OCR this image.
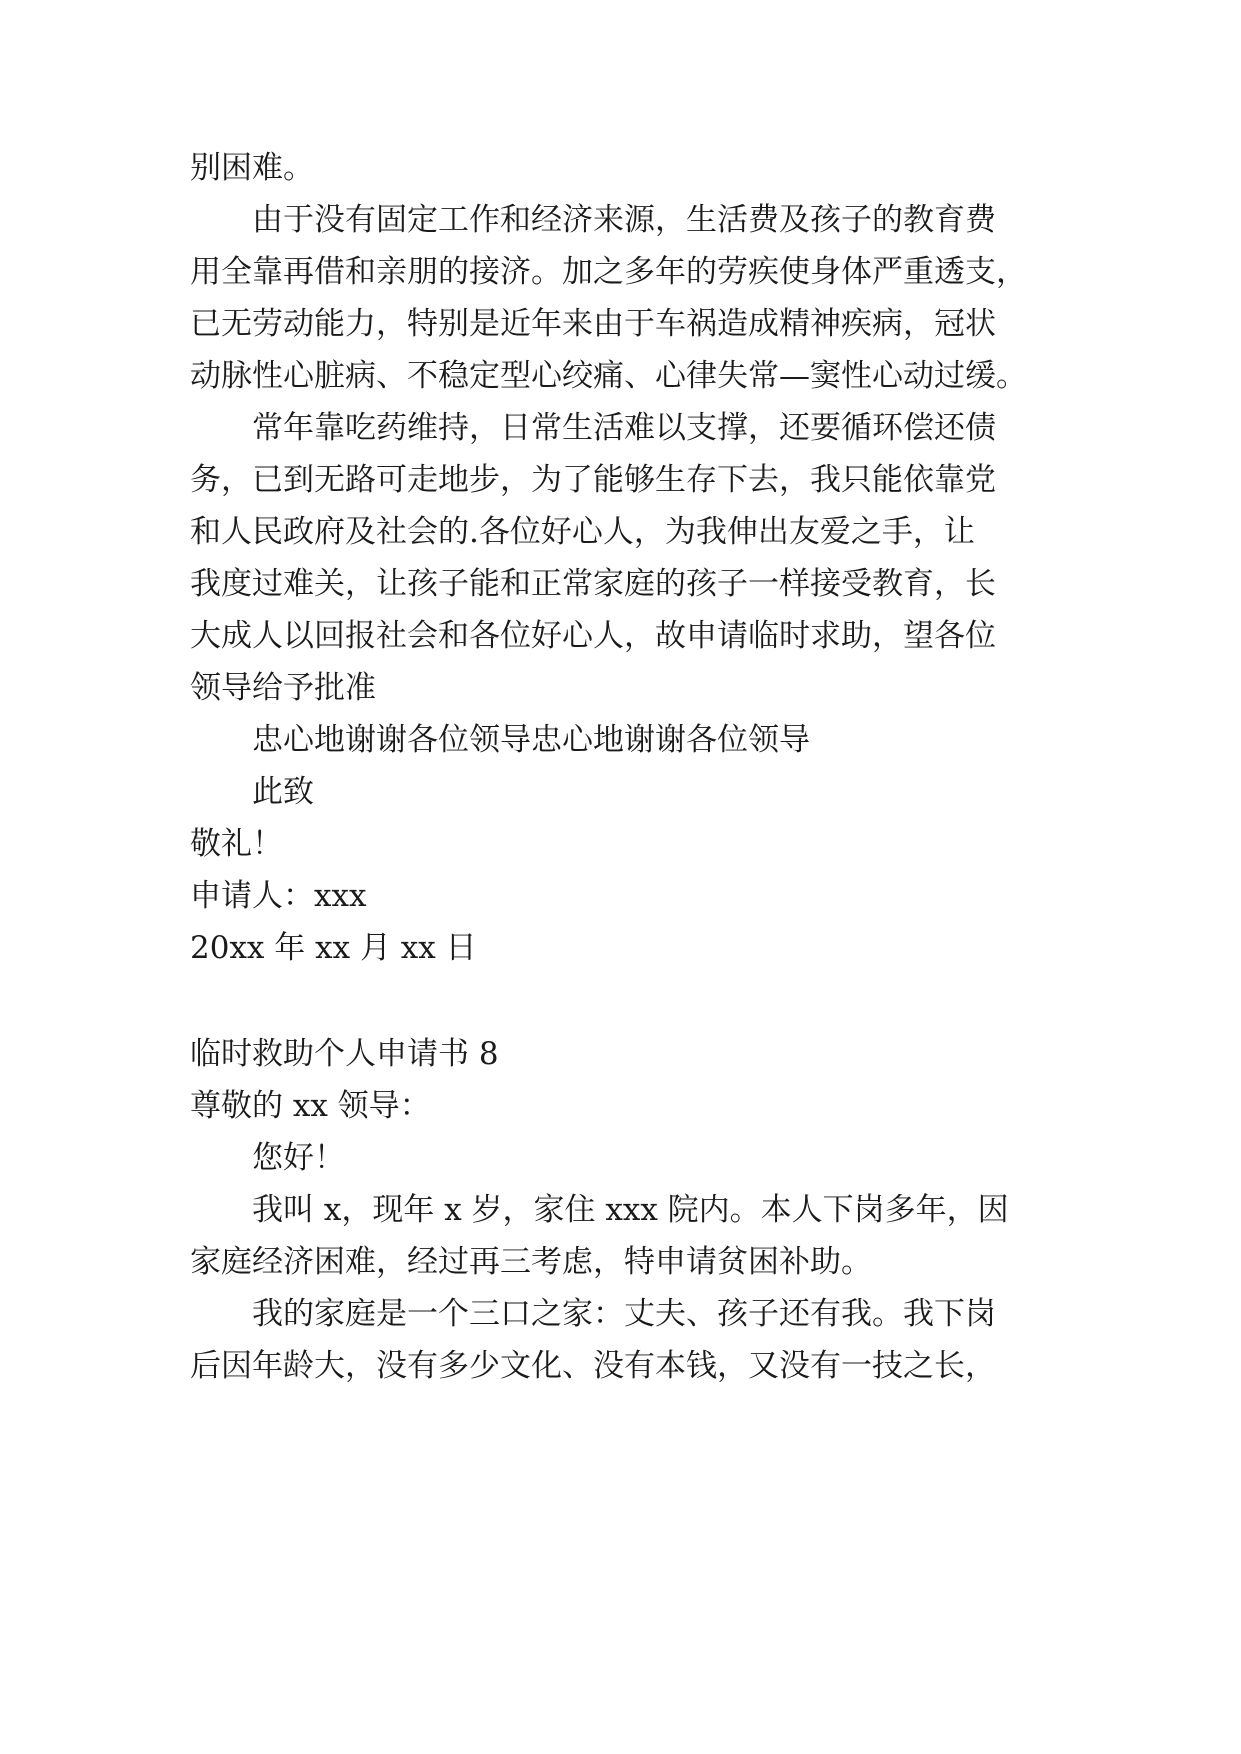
别困难。
由于没有固定工作和经济来源，生活费及孩子的教育费
用全靠再借和亲朋的接济。加之多年的劳疾使身体严重透支，
已无劳动能力，特别是近年来由于车祸造成精神疾病，冠状
动脉性心脏病、不稳定型心绞痛、心律失常—窦性心动过缓。
常年靠吃药维持，日常生活难以支撑，还要循环偿还债
务，已到无路可走地步，为了能够生存下去，我只能依靠党
和人民政府及社会的.各位好心人，为我伸出友爱之手，让
我度过难关，让孩子能和正常家庭的孩子一样接受教育，长
大成人以回报社会和各位好心人，故申请临时求助，望各位
领导给予批准
忠心地谢谢各位领导忠心地谢谢各位领导
此致
敬礼！
申请人：xxx
20xx 年 xx 月 xx 日
临时救助个人申请书 8
尊敬的 xx 领导：
您好！
我叫 x，现年 x 岁，家住 xxx 院内。本人下岗多年，因
家庭经济困难，经过再三考虑，特申请贫困补助。
我的家庭是一个三口之家：丈夫、孩子还有我。我下岗
后因年龄大，没有多少文化、没有本钱，又没有一技之长，
